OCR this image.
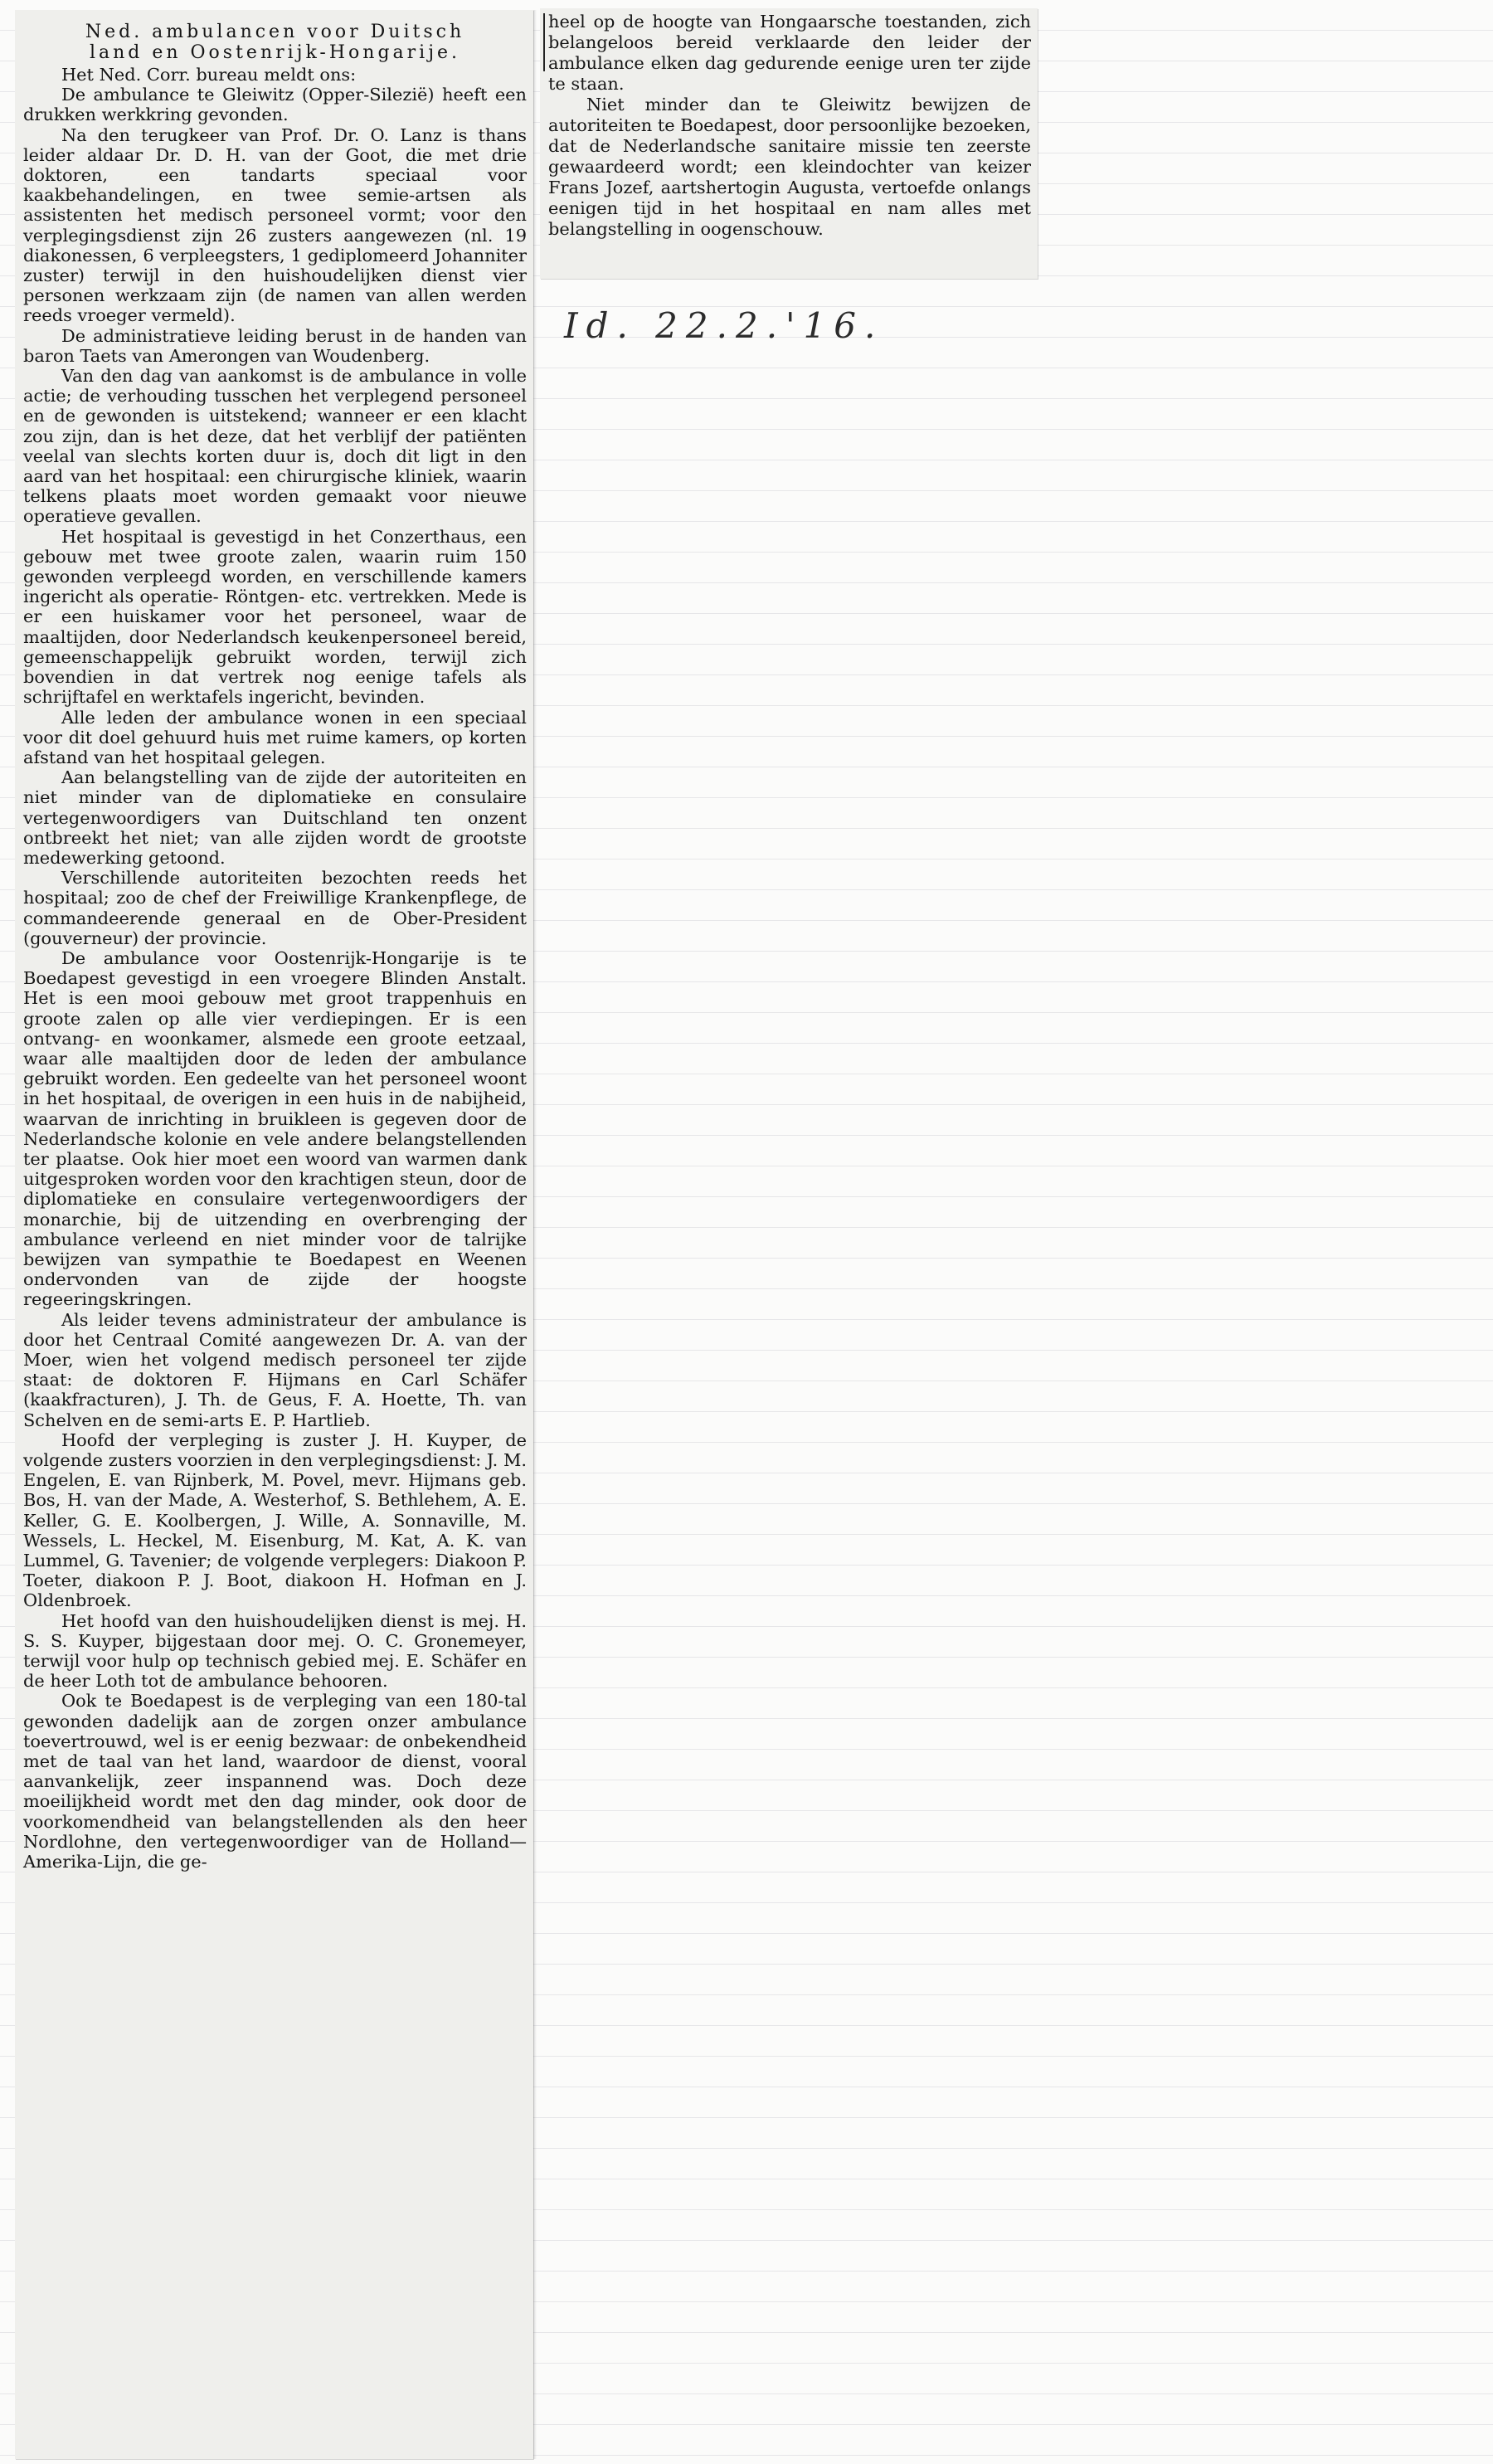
Ned. ambulancen voor Duitsch
land en Oostenrijk-Hongarije.

Het Ned. Corr. bureau meldt ons:

De ambulance te Gleiwitz (Opper-Silezië) heeft een drukken werkkring gevonden.

Na den terugkeer van Prof. Dr. O. Lanz is thans leider aldaar Dr. D. H. van der Goot, die met drie doktoren, een tandarts speciaal voor kaakbehandelingen, en twee semie-artsen als assistenten het medisch personeel vormt; voor den verplegingsdienst zijn 26 zusters aangewezen (nl. 19 diakonessen, 6 verpleegsters, 1 gediplomeerd Johanniter zuster) terwijl in den huishoudelijken dienst vier personen werkzaam zijn (de namen van allen werden reeds vroeger vermeld).

De administratieve leiding berust in de handen van baron Taets van Amerongen van Woudenberg.

Van den dag van aankomst is de ambulance in volle actie; de verhouding tusschen het verplegend personeel en de gewonden is uitstekend; wanneer er een klacht zou zijn, dan is het deze, dat het verblijf der patiënten veelal van slechts korten duur is, doch dit ligt in den aard van het hospitaal: een chirurgische kliniek, waarin telkens plaats moet worden gemaakt voor nieuwe operatieve gevallen.

Het hospitaal is gevestigd in het Conzerthaus, een gebouw met twee groote zalen, waarin ruim 150 gewonden verpleegd worden, en verschillende kamers ingericht als operatie- Röntgen- etc. vertrekken. Mede is er een huiskamer voor het personeel, waar de maaltijden, door Nederlandsch keukenpersoneel bereid, gemeenschappelijk gebruikt worden, terwijl zich bovendien in dat vertrek nog eenige tafels als schrijftafel en werktafels ingericht, bevinden.

Alle leden der ambulance wonen in een speciaal voor dit doel gehuurd huis met ruime kamers, op korten afstand van het hospitaal gelegen.

Aan belangstelling van de zijde der autoriteiten en niet minder van de diplomatieke en consulaire vertegenwoordigers van Duitschland ten onzent ontbreekt het niet; van alle zijden wordt de grootste medewerking getoond.

Verschillende autoriteiten bezochten reeds het hospitaal; zoo de chef der Freiwillige Krankenpflege, de commandeerende generaal en de Ober-President (gouverneur) der provincie.

De ambulance voor Oostenrijk-Hongarije is te Boedapest gevestigd in een vroegere Blinden Anstalt. Het is een mooi gebouw met groot trappenhuis en groote zalen op alle vier verdiepingen. Er is een ontvang- en woonkamer, alsmede een groote eetzaal, waar alle maaltijden door de leden der ambulance gebruikt worden. Een gedeelte van het personeel woont in het hospitaal, de overigen in een huis in de nabijheid, waarvan de inrichting in bruikleen is gegeven door de Nederlandsche kolonie en vele andere belangstellenden ter plaatse. Ook hier moet een woord van warmen dank uitgesproken worden voor den krachtigen steun, door de diplomatieke en consulaire vertegenwoordigers der monarchie, bij de uitzending en overbrenging der ambulance verleend en niet minder voor de talrijke bewijzen van sympathie te Boedapest en Weenen ondervonden van de zijde der hoogste regeeringskringen.

Als leider tevens administrateur der ambulance is door het Centraal Comité aangewezen Dr. A. van der Moer, wien het volgend medisch personeel ter zijde staat: de doktoren F. Hijmans en Carl Schäfer (kaakfracturen), J. Th. de Geus, F. A. Hoette, Th. van Schelven en de semi-arts E. P. Hartlieb.

Hoofd der verpleging is zuster J. H. Kuyper, de volgende zusters voorzien in den verplegingsdienst: J. M. Engelen, E. van Rijnberk, M. Povel, mevr. Hijmans geb. Bos, H. van der Made, A. Westerhof, S. Bethlehem, A. E. Keller, G. E. Koolbergen, J. Wille, A. Sonnaville, M. Wessels, L. Heckel, M. Eisenburg, M. Kat, A. K. van Lummel, G. Tavenier; de volgende verplegers: Diakoon P. Toeter, diakoon P. J. Boot, diakoon H. Hofman en J. Oldenbroek.

Het hoofd van den huishoudelijken dienst is mej. H. S. S. Kuyper, bijgestaan door mej. O. C. Gronemeyer, terwijl voor hulp op technisch gebied mej. E. Schäfer en de heer Loth tot de ambulance behooren.

Ook te Boedapest is de verpleging van een 180-tal gewonden dadelijk aan de zorgen onzer ambulance toevertrouwd, wel is er eenig bezwaar: de onbekendheid met de taal van het land, waardoor de dienst, vooral aanvankelijk, zeer inspannend was. Doch deze moeilijkheid wordt met den dag minder, ook door de voorkomendheid van belangstellenden als den heer Nordlohne, den vertegenwoordiger van de Holland—Amerika-Lijn, die ge-

heel op de hoogte van Hongaarsche toestanden, zich belangeloos bereid verklaarde den leider der ambulance elken dag gedurende eenige uren ter zijde te staan.

Niet minder dan te Gleiwitz bewijzen de autoriteiten te Boedapest, door persoonlijke bezoeken, dat de Nederlandsche sanitaire missie ten zeerste gewaardeerd wordt; een kleindochter van keizer Frans Jozef, aartshertogin Augusta, vertoefde onlangs eenigen tijd in het hospitaal en nam alles met belangstelling in oogenschouw.

Id. 22.2.'16.
